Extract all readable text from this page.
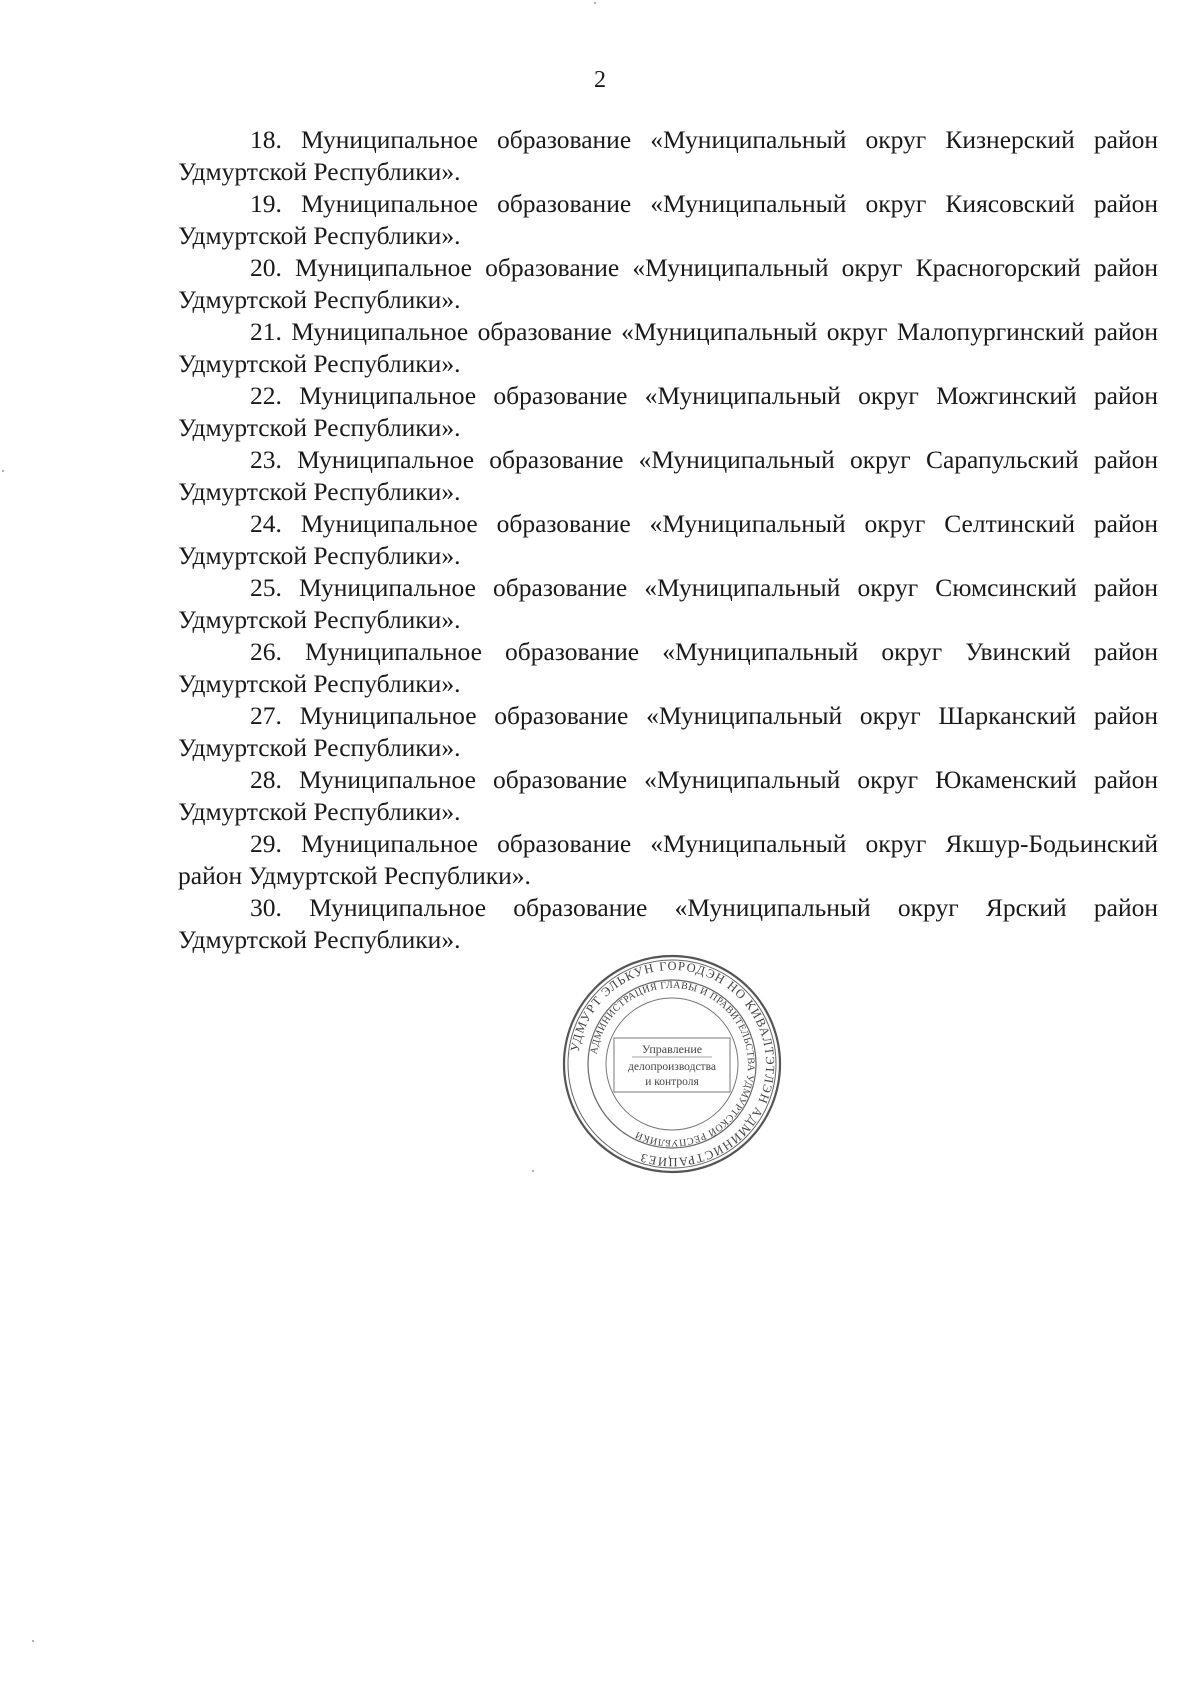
2

18. Муниципальное образование «Муниципальный округ Кизнерский район Удмуртской Республики».

19. Муниципальное образование «Муниципальный округ Киясовский район Удмуртской Республики».

20. Муниципальное образование «Муниципальный округ Красногорский район Удмуртской Республики».

21. Муниципальное образование «Муниципальный округ Малопургинский район Удмуртской Республики».

22. Муниципальное образование «Муниципальный округ Можгинский район Удмуртской Республики».

23. Муниципальное образование «Муниципальный округ Сарапульский район Удмуртской Республики».

24. Муниципальное образование «Муниципальный округ Селтинский район Удмуртской Республики».

25. Муниципальное образование «Муниципальный округ Сюмсинский район Удмуртской Республики».

26. Муниципальное образование «Муниципальный округ Увинский район Удмуртской Республики».

27. Муниципальное образование «Муниципальный округ Шарканский район Удмуртской Республики».

28. Муниципальное образование «Муниципальный округ Юкаменский район Удмуртской Республики».

29. Муниципальное образование «Муниципальный округ Якшур-Бодьинский район Удмуртской Республики».

30. Муниципальное образование «Муниципальный округ Ярский район Удмуртской Республики».

УДМУРТ ЭЛЬКУН ГОРОДЭН НО КИВАЛТЭТЛЭН АДМИНИСТРАЦИЕЗ
АДМИНИСТРАЦИЯ ГЛАВЫ И ПРАВИТЕЛЬСТВА УДМУРТСКОЙ РЕСПУБЛИКИ
Управление
делопроизводства
и контроля
